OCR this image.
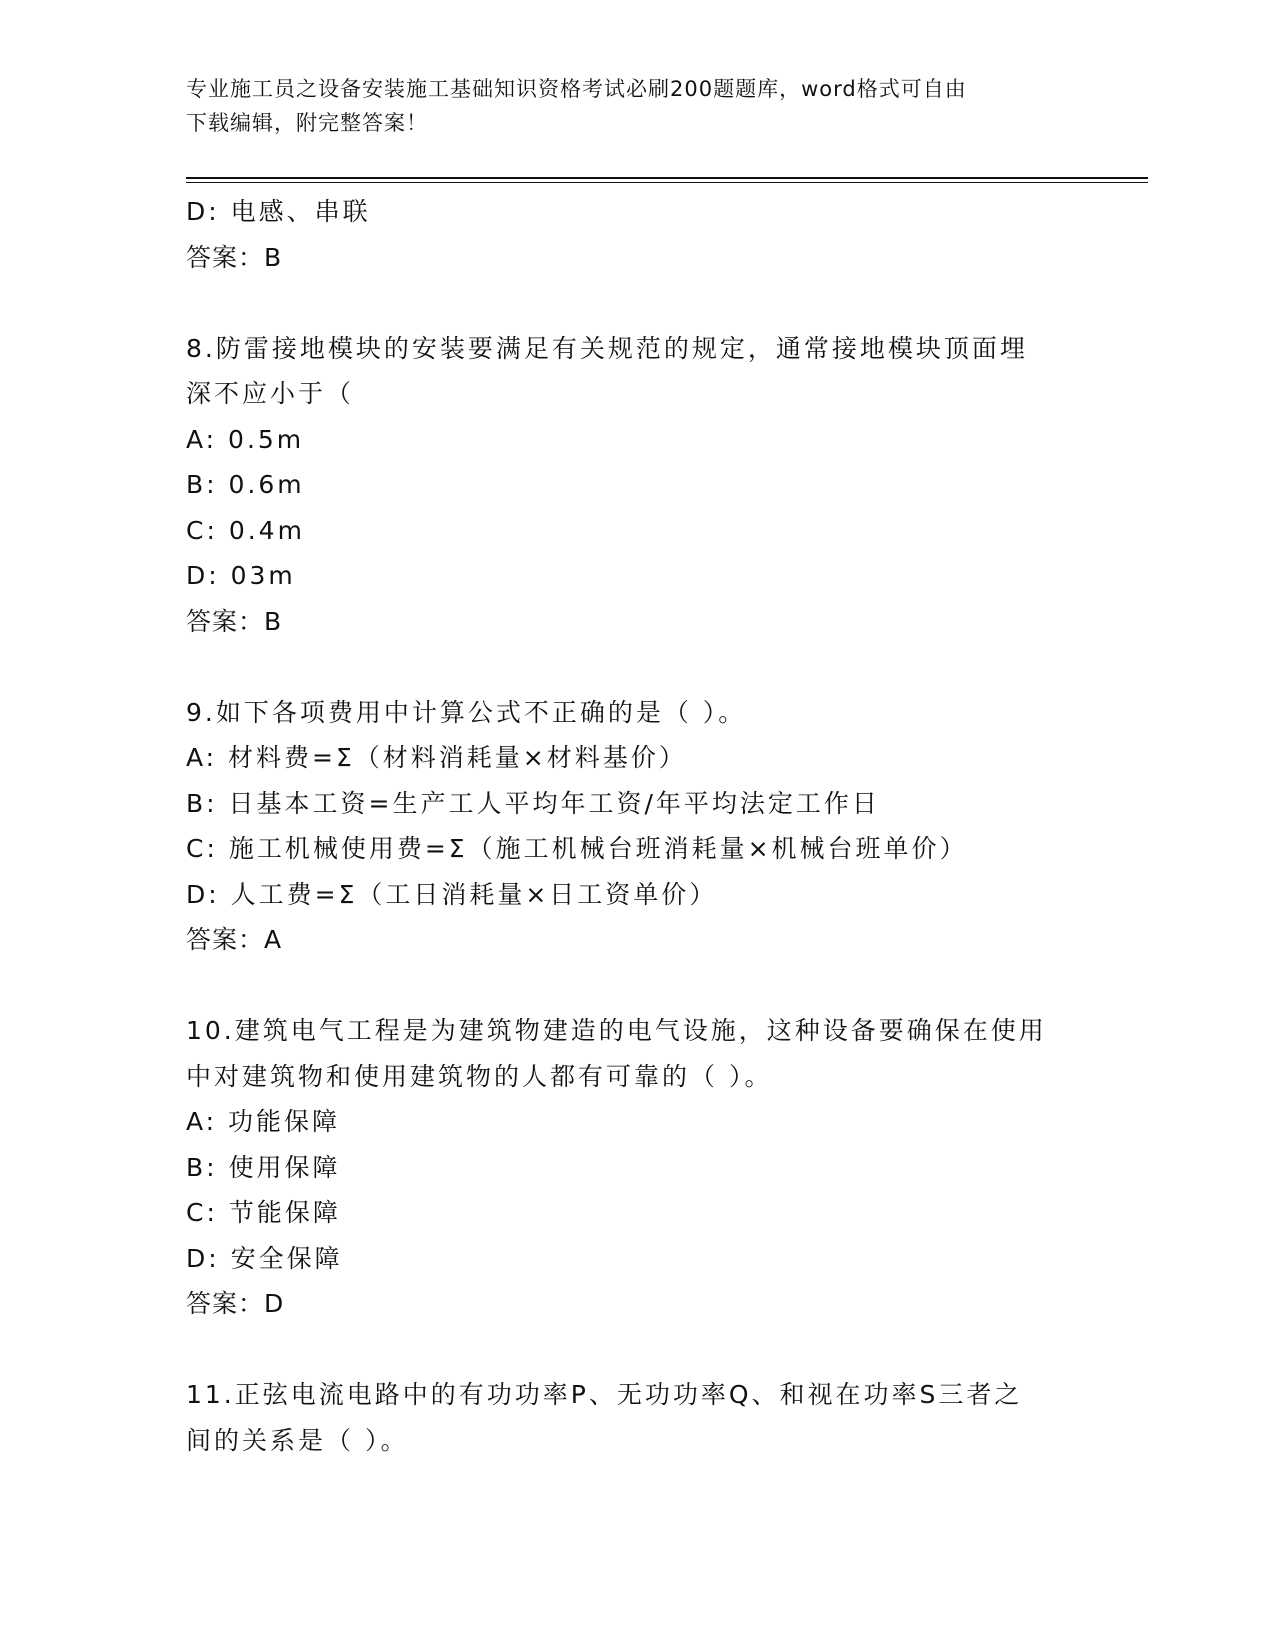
专业施工员之设备安装施工基础知识资格考试必刷200题题库，word格式可自由
下载编辑，附完整答案！
D: 电感、串联
答案：B
8.防雷接地模块的安装要满足有关规范的规定，通常接地模块顶面埋
深不应小于（
A: 0.5m
B: 0.6m
C: 0.4m
D: 03m
答案：B
9.如下各项费用中计算公式不正确的是（ ）。
A: 材料费=Σ（材料消耗量×材料基价）
B: 日基本工资=生产工人平均年工资/年平均法定工作日
C: 施工机械使用费=Σ（施工机械台班消耗量×机械台班单价）
D: 人工费=Σ（工日消耗量×日工资单价）
答案：A
10.建筑电气工程是为建筑物建造的电气设施，这种设备要确保在使用
中对建筑物和使用建筑物的人都有可靠的（ ）。
A: 功能保障
B: 使用保障
C: 节能保障
D: 安全保障
答案：D
11.正弦电流电路中的有功功率P、无功功率Q、和视在功率S三者之
间的关系是（ ）。
